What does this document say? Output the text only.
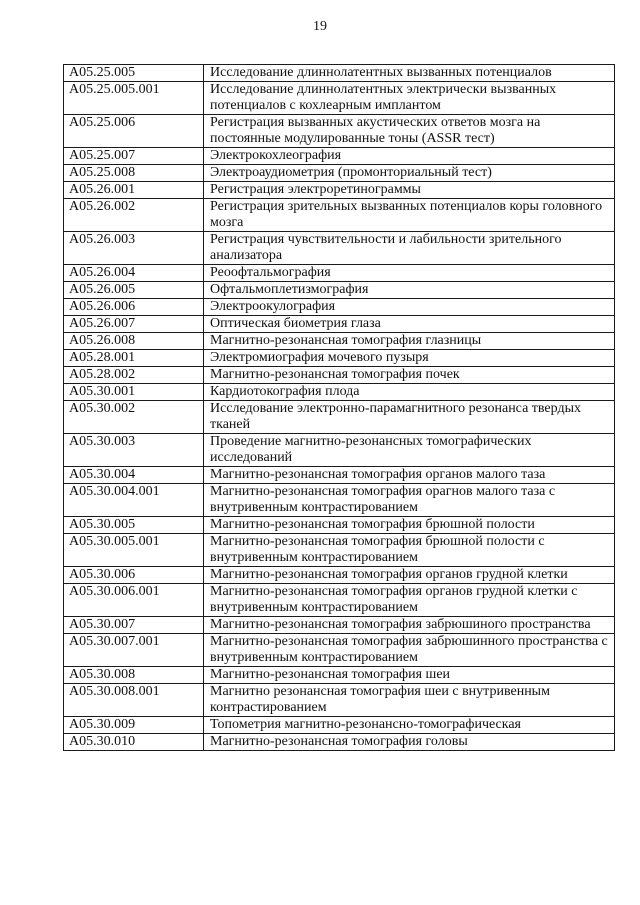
19
A05.25.005	Исследование длиннолатентных вызванных потенциалов
A05.25.005.001	Исследование длиннолатентных электрически вызванных потенциалов с кохлеарным имплантом
A05.25.006	Регистрация вызванных акустических ответов мозга на постоянные модулированные тоны (ASSR тест)
A05.25.007	Электрокохлеография
A05.25.008	Электроаудиометрия (промонториальный тест)
A05.26.001	Регистрация электроретинограммы
A05.26.002	Регистрация зрительных вызванных потенциалов коры головного мозга
A05.26.003	Регистрация чувствительности и лабильности зрительного анализатора
A05.26.004	Реоофтальмография
A05.26.005	Офтальмоплетизмография
A05.26.006	Электроокулография
A05.26.007	Оптическая биометрия глаза
A05.26.008	Магнитно-резонансная томография глазницы
A05.28.001	Электромиография мочевого пузыря
A05.28.002	Магнитно-резонансная томография почек
A05.30.001	Кардиотокография плода
A05.30.002	Исследование электронно-парамагнитного резонанса твердых тканей
A05.30.003	Проведение магнитно-резонансных томографических исследований
A05.30.004	Магнитно-резонансная томография органов малого таза
A05.30.004.001	Магнитно-резонансная томография орагнов малого таза с внутривенным контрастированием
A05.30.005	Магнитно-резонансная томография брюшной полости
A05.30.005.001	Магнитно-резонансная томография брюшной полости с внутривенным контрастированием
A05.30.006	Магнитно-резонансная томография органов грудной клетки
A05.30.006.001	Магнитно-резонансная томография органов грудной клетки с внутривенным контрастированием
A05.30.007	Магнитно-резонансная томография забрюшиного пространства
A05.30.007.001	Магнитно-резонансная томография забрюшинного пространства с внутривенным контрастированием
A05.30.008	Магнитно-резонансная томография шеи
A05.30.008.001	Магнитно резонансная томография шеи с внутривенным контрастированием
A05.30.009	Топометрия магнитно-резонансно-томографическая
A05.30.010	Магнитно-резонансная томография головы
